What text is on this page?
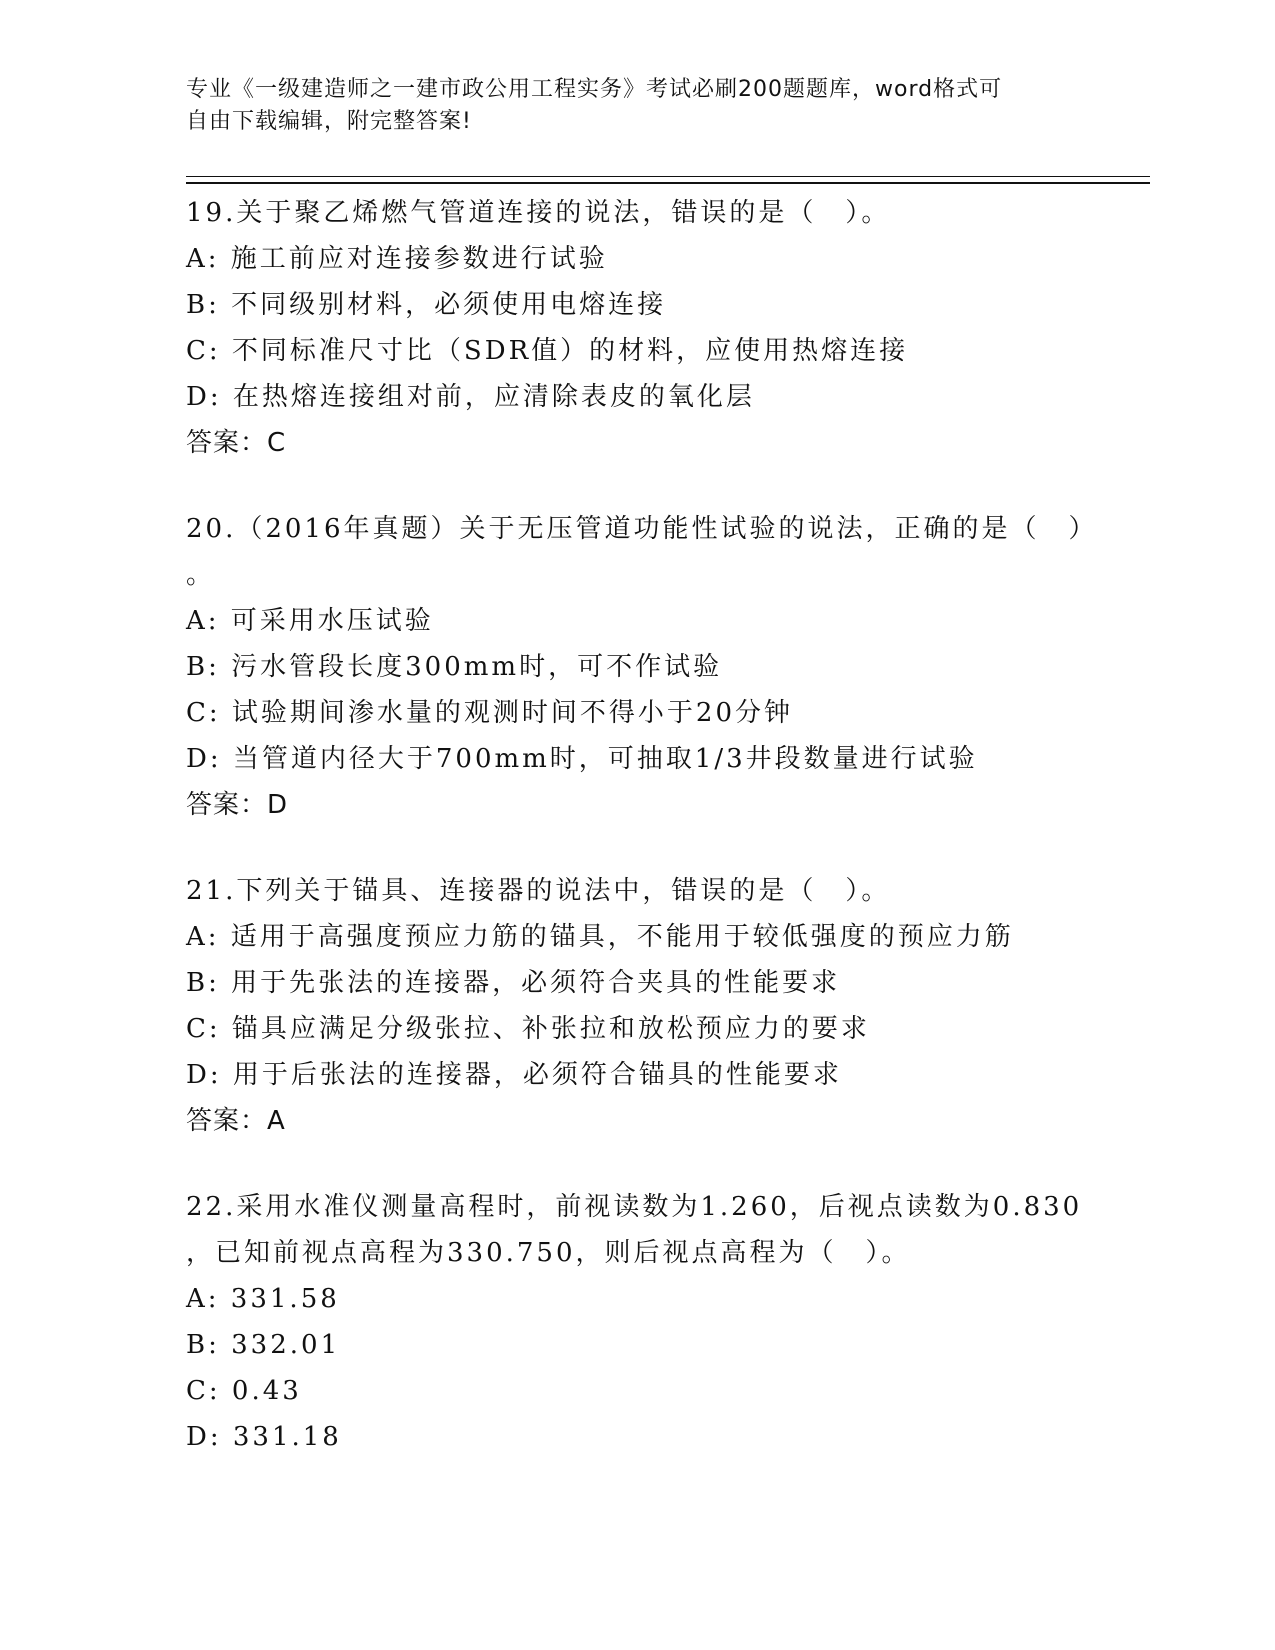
专业《一级建造师之一建市政公用工程实务》考试必刷200题题库，word格式可
自由下载编辑，附完整答案!
19.关于聚乙烯燃气管道连接的说法，错误的是（　）。
A: 施工前应对连接参数进行试验
B: 不同级别材料，必须使用电熔连接
C: 不同标准尺寸比（SDR值）的材料，应使用热熔连接
D: 在热熔连接组对前，应清除表皮的氧化层
答案：C
20.（2016年真题）关于无压管道功能性试验的说法，正确的是（　）
。
A: 可采用水压试验
B: 污水管段长度300mm时，可不作试验
C: 试验期间渗水量的观测时间不得小于20分钟
D: 当管道内径大于700mm时，可抽取1/3井段数量进行试验
答案：D
21.下列关于锚具、连接器的说法中，错误的是（　）。
A: 适用于高强度预应力筋的锚具，不能用于较低强度的预应力筋
B: 用于先张法的连接器，必须符合夹具的性能要求
C: 锚具应满足分级张拉、补张拉和放松预应力的要求
D: 用于后张法的连接器，必须符合锚具的性能要求
答案：A
22.采用水准仪测量高程时，前视读数为1.260，后视点读数为0.830
，已知前视点高程为330.750，则后视点高程为（　）。
A: 331.58
B: 332.01
C: 0.43
D: 331.18
